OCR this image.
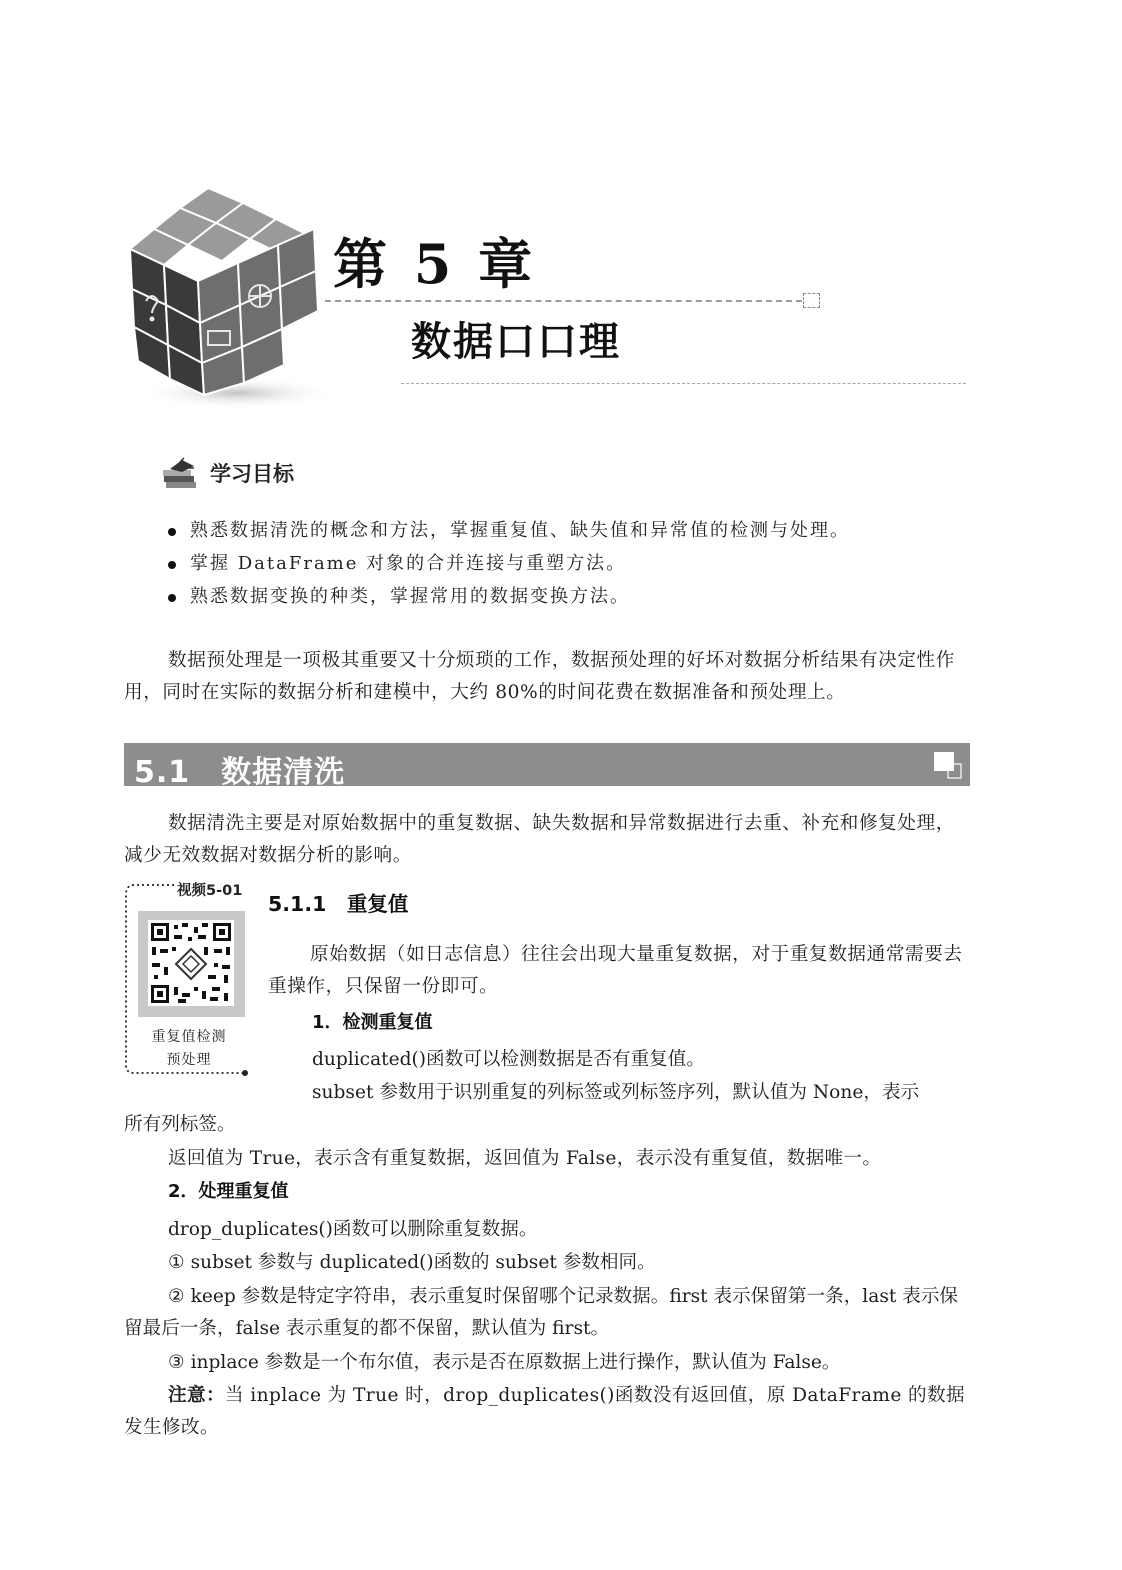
第 5 章
数据口口理
学习目标
熟悉数据清洗的概念和方法，掌握重复值、缺失值和异常值的检测与处理。
掌握 DataFrame 对象的合并连接与重塑方法。
熟悉数据变换的种类，掌握常用的数据变换方法。

数据预处理是一项极其重要又十分烦琐的工作，数据预处理的好坏对数据分析结果有决定性作用，同时在实际的数据分析和建模中，大约 80%的时间花费在数据准备和预处理上。

5.1　数据清洗

数据清洗主要是对原始数据中的重复数据、缺失数据和异常数据进行去重、补充和修复处理，减少无效数据对数据分析的影响。

视频5-01

重复值检测
预处理

5.1.1　重复值

原始数据（如日志信息）往往会出现大量重复数据，对于重复数据通常需要去重操作，只保留一份即可。

1．检测重复值

duplicated()函数可以检测数据是否有重复值。

subset 参数用于识别重复的列标签或列标签序列，默认值为 None，表示
所有列标签。

返回值为 True，表示含有重复数据，返回值为 False，表示没有重复值，数据唯一。

2．处理重复值

drop_duplicates()函数可以删除重复数据。

① subset 参数与 duplicated()函数的 subset 参数相同。

② keep 参数是特定字符串，表示重复时保留哪个记录数据。first 表示保留第一条，last 表示保留最后一条，false 表示重复的都不保留，默认值为 first。

③ inplace 参数是一个布尔值，表示是否在原数据上进行操作，默认值为 False。

注意：当 inplace 为 True 时，drop_duplicates()函数没有返回值，原 DataFrame 的数据发生修改。
